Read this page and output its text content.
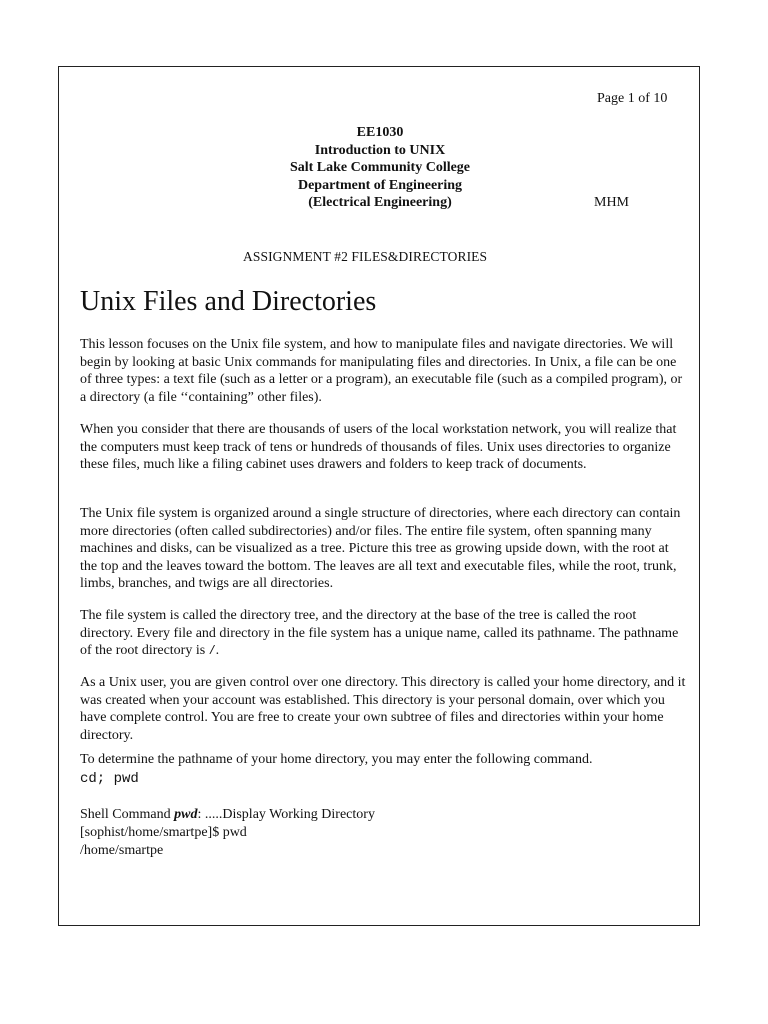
Page 1 of 10
EE1030
Introduction to UNIX
Salt Lake Community College
Department of Engineering
(Electrical Engineering)	MHM
ASSIGNMENT #2 FILES&DIRECTORIES
Unix Files and Directories

This lesson focuses on the Unix file system, and how to manipulate files and navigate directories. We will begin by looking at basic Unix commands for manipulating files and directories. In Unix, a file can be one of three types: a text file (such as a letter or a program), an executable file (such as a compiled program), or a directory (a file ‘‘containing” other files).

When you consider that there are thousands of users of the local workstation network, you will realize that the computers must keep track of tens or hundreds of thousands of files. Unix uses directories to organize these files, much like a filing cabinet uses drawers and folders to keep track of documents.

The Unix file system is organized around a single structure of directories, where each directory can contain more directories (often called subdirectories) and/or files. The entire file system, often spanning many machines and disks, can be visualized as a tree. Picture this tree as growing upside down, with the root at the top and the leaves toward the bottom. The leaves are all text and executable files, while the root, trunk, limbs, branches, and twigs are all directories.

The file system is called the directory tree, and the directory at the base of the tree is called the root directory. Every file and directory in the file system has a unique name, called its pathname. The pathname of the root directory is /.

As a Unix user, you are given control over one directory. This directory is called your home directory, and it was created when your account was established. This directory is your personal domain, over which you have complete control. You are free to create your own subtree of files and directories within your home directory.

To determine the pathname of your home directory, you may enter the following command.

cd; pwd
Shell Command pwd: .....Display Working Directory
[sophist/home/smartpe]$ pwd
/home/smartpe
